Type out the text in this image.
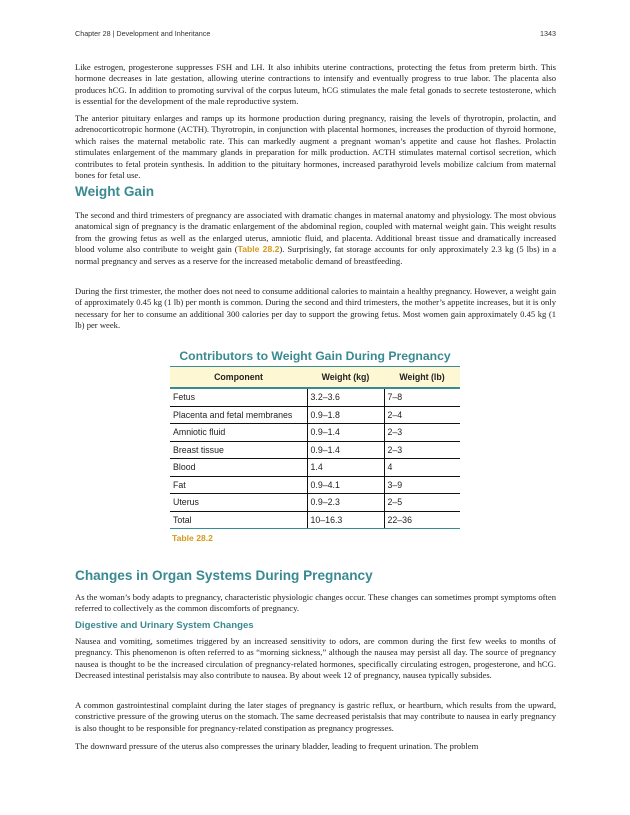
Chapter 28 | Development and Inheritance	1343

Like estrogen, progesterone suppresses FSH and LH. It also inhibits uterine contractions, protecting the fetus from preterm birth. This hormone decreases in late gestation, allowing uterine contractions to intensify and eventually progress to true labor. The placenta also produces hCG. In addition to promoting survival of the corpus luteum, hCG stimulates the male fetal gonads to secrete testosterone, which is essential for the development of the male reproductive system.

The anterior pituitary enlarges and ramps up its hormone production during pregnancy, raising the levels of thyrotropin, prolactin, and adrenocorticotropic hormone (ACTH). Thyrotropin, in conjunction with placental hormones, increases the production of thyroid hormone, which raises the maternal metabolic rate. This can markedly augment a pregnant woman’s appetite and cause hot flashes. Prolactin stimulates enlargement of the mammary glands in preparation for milk production. ACTH stimulates maternal cortisol secretion, which contributes to fetal protein synthesis. In addition to the pituitary hormones, increased parathyroid levels mobilize calcium from maternal bones for fetal use.

Weight Gain

The second and third trimesters of pregnancy are associated with dramatic changes in maternal anatomy and physiology. The most obvious anatomical sign of pregnancy is the dramatic enlargement of the abdominal region, coupled with maternal weight gain. This weight results from the growing fetus as well as the enlarged uterus, amniotic fluid, and placenta. Additional breast tissue and dramatically increased blood volume also contribute to weight gain (Table 28.2). Surprisingly, fat storage accounts for only approximately 2.3 kg (5 lbs) in a normal pregnancy and serves as a reserve for the increased metabolic demand of breastfeeding.

During the first trimester, the mother does not need to consume additional calories to maintain a healthy pregnancy. However, a weight gain of approximately 0.45 kg (1 lb) per month is common. During the second and third trimesters, the mother’s appetite increases, but it is only necessary for her to consume an additional 300 calories per day to support the growing fetus. Most women gain approximately 0.45 kg (1 lb) per week.

Contributors to Weight Gain During Pregnancy

Component	Weight (kg)	Weight (lb)
Fetus	3.2–3.6	7–8
Placenta and fetal membranes	0.9–1.8	2–4
Amniotic fluid	0.9–1.4	2–3
Breast tissue	0.9–1.4	2–3
Blood	1.4	4
Fat	0.9–4.1	3–9
Uterus	0.9–2.3	2–5
Total	10–16.3	22–36

Table 28.2

Changes in Organ Systems During Pregnancy

As the woman’s body adapts to pregnancy, characteristic physiologic changes occur. These changes can sometimes prompt symptoms often referred to collectively as the common discomforts of pregnancy.

Digestive and Urinary System Changes

Nausea and vomiting, sometimes triggered by an increased sensitivity to odors, are common during the first few weeks to months of pregnancy. This phenomenon is often referred to as “morning sickness,” although the nausea may persist all day. The source of pregnancy nausea is thought to be the increased circulation of pregnancy-related hormones, specifically circulating estrogen, progesterone, and hCG. Decreased intestinal peristalsis may also contribute to nausea. By about week 12 of pregnancy, nausea typically subsides.

A common gastrointestinal complaint during the later stages of pregnancy is gastric reflux, or heartburn, which results from the upward, constrictive pressure of the growing uterus on the stomach. The same decreased peristalsis that may contribute to nausea in early pregnancy is also thought to be responsible for pregnancy-related constipation as pregnancy progresses.

The downward pressure of the uterus also compresses the urinary bladder, leading to frequent urination. The problem
